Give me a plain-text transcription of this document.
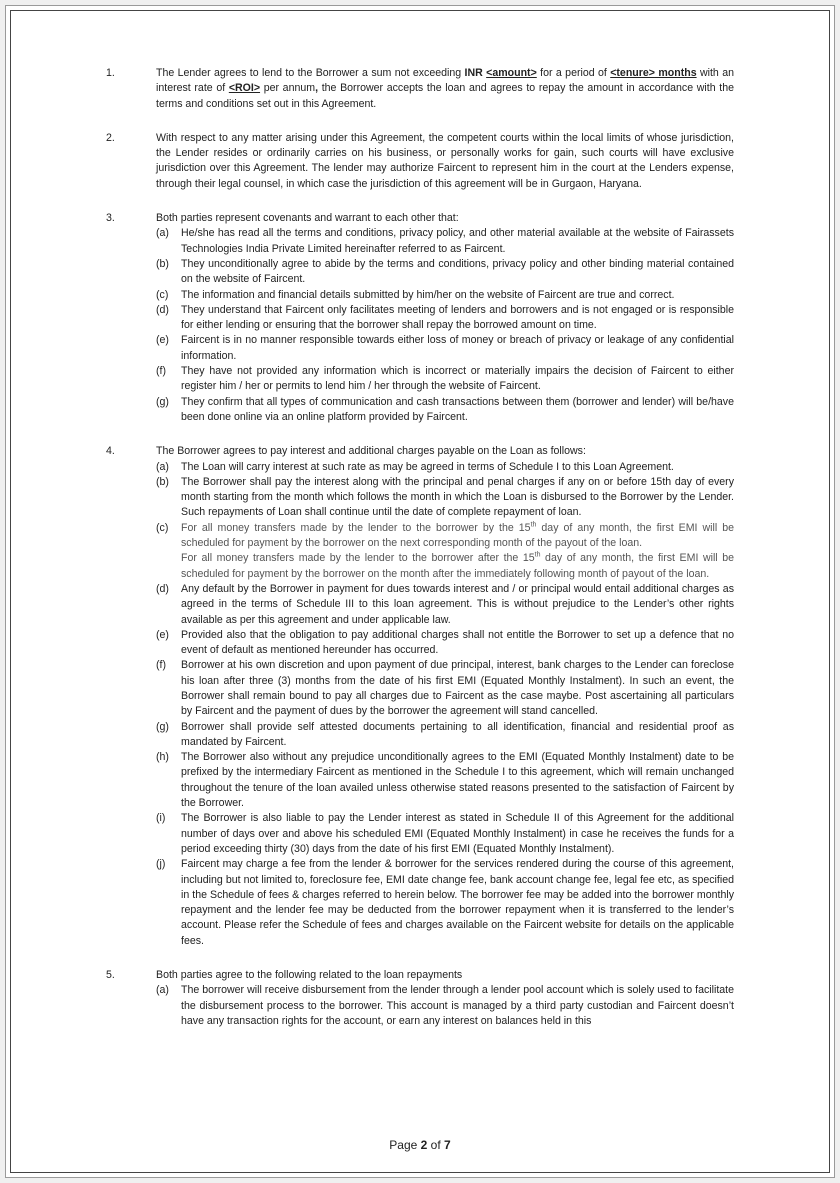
1.	The Lender agrees to lend to the Borrower a sum not exceeding INR <amount> for a period of <tenure> months with an interest rate of <ROI> per annum, the Borrower accepts the loan and agrees to repay the amount in accordance with the terms and conditions set out in this Agreement.
2.	With respect to any matter arising under this Agreement, the competent courts within the local limits of whose jurisdiction, the Lender resides or ordinarily carries on his business, or personally works for gain, such courts will have exclusive jurisdiction over this Agreement. The lender may authorize Faircent to represent him in the court at the Lenders expense, through their legal counsel, in which case the jurisdiction of this agreement will be in Gurgaon, Haryana.
3.	Both parties represent covenants and warrant to each other that:
(a)	He/she has read all the terms and conditions, privacy policy, and other material available at the website of Fairassets Technologies India Private Limited hereinafter referred to as Faircent.
(b)	They unconditionally agree to abide by the terms and conditions, privacy policy and other binding material contained on the website of Faircent.
(c)	The information and financial details submitted by him/her on the website of Faircent are true and correct.
(d)	They understand that Faircent only facilitates meeting of lenders and borrowers and is not engaged or is responsible for either lending or ensuring that the borrower shall repay the borrowed amount on time.
(e)	Faircent is in no manner responsible towards either loss of money or breach of privacy or leakage of any confidential information.
(f)	They have not provided any information which is incorrect or materially impairs the decision of Faircent to either register him / her or permits to lend him / her through the website of Faircent.
(g)	They confirm that all types of communication and cash transactions between them (borrower and lender) will be/have been done online via an online platform provided by Faircent.
4.	The Borrower agrees to pay interest and additional charges payable on the Loan as follows:
(a)	The Loan will carry interest at such rate as may be agreed in terms of Schedule I to this Loan Agreement.
(b)	The Borrower shall pay the interest along with the principal and penal charges if any on or before 15th day of every month starting from the month which follows the month in which the Loan is disbursed to the Borrower by the Lender. Such repayments of Loan shall continue until the date of complete repayment of loan.
(c)	For all money transfers made by the lender to the borrower by the 15th day of any month, the first EMI will be scheduled for payment by the borrower on the next corresponding month of the payout of the loan.

For all money transfers made by the lender to the borrower after the 15th day of any month, the first EMI will be scheduled for payment by the borrower on the month after the immediately following month of payout of the loan.

(d)	Any default by the Borrower in payment for dues towards interest and / or principal would entail additional charges as agreed in the terms of Schedule III to this loan agreement. This is without prejudice to the Lender’s other rights available as per this agreement and under applicable law.
(e)	Provided also that the obligation to pay additional charges shall not entitle the Borrower to set up a defence that no event of default as mentioned hereunder has occurred.
(f)	Borrower at his own discretion and upon payment of due principal, interest, bank charges to the Lender can foreclose his loan after three (3) months from the date of his first EMI (Equated Monthly Instalment). In such an event, the Borrower shall remain bound to pay all charges due to Faircent as the case maybe. Post ascertaining all particulars by Faircent and the payment of dues by the borrower the agreement will stand cancelled.
(g)	Borrower shall provide self attested documents pertaining to all identification, financial and residential proof as mandated by Faircent.
(h)	The Borrower also without any prejudice unconditionally agrees to the EMI (Equated Monthly Instalment) date to be prefixed by the intermediary Faircent as mentioned in the Schedule I to this agreement, which will remain unchanged throughout the tenure of the loan availed unless otherwise stated reasons presented to the satisfaction of Faircent by the Borrower.
(i)	The Borrower is also liable to pay the Lender interest as stated in Schedule II of this Agreement for the additional number of days over and above his scheduled EMI (Equated Monthly Instalment) in case he receives the funds for a period exceeding thirty (30) days from the date of his first EMI (Equated Monthly Instalment).
(j)	Faircent may charge a fee from the lender & borrower for the services rendered during the course of this agreement, including but not limited to, foreclosure fee, EMI date change fee, bank account change fee, legal fee etc, as specified in the Schedule of fees & charges referred to herein below. The borrower fee may be added into the borrower monthly repayment and the lender fee may be deducted from the borrower repayment when it is transferred to the lender’s account. Please refer the Schedule of fees and charges available on the Faircent website for details on the applicable fees.
5.	Both parties agree to the following related to the loan repayments
(a)	The borrower will receive disbursement from the lender through a lender pool account which is solely used to facilitate the disbursement process to the borrower. This account is managed by a third party custodian and Faircent doesn’t have any transaction rights for the account, or earn any interest on balances held in this
Page 2 of 7
